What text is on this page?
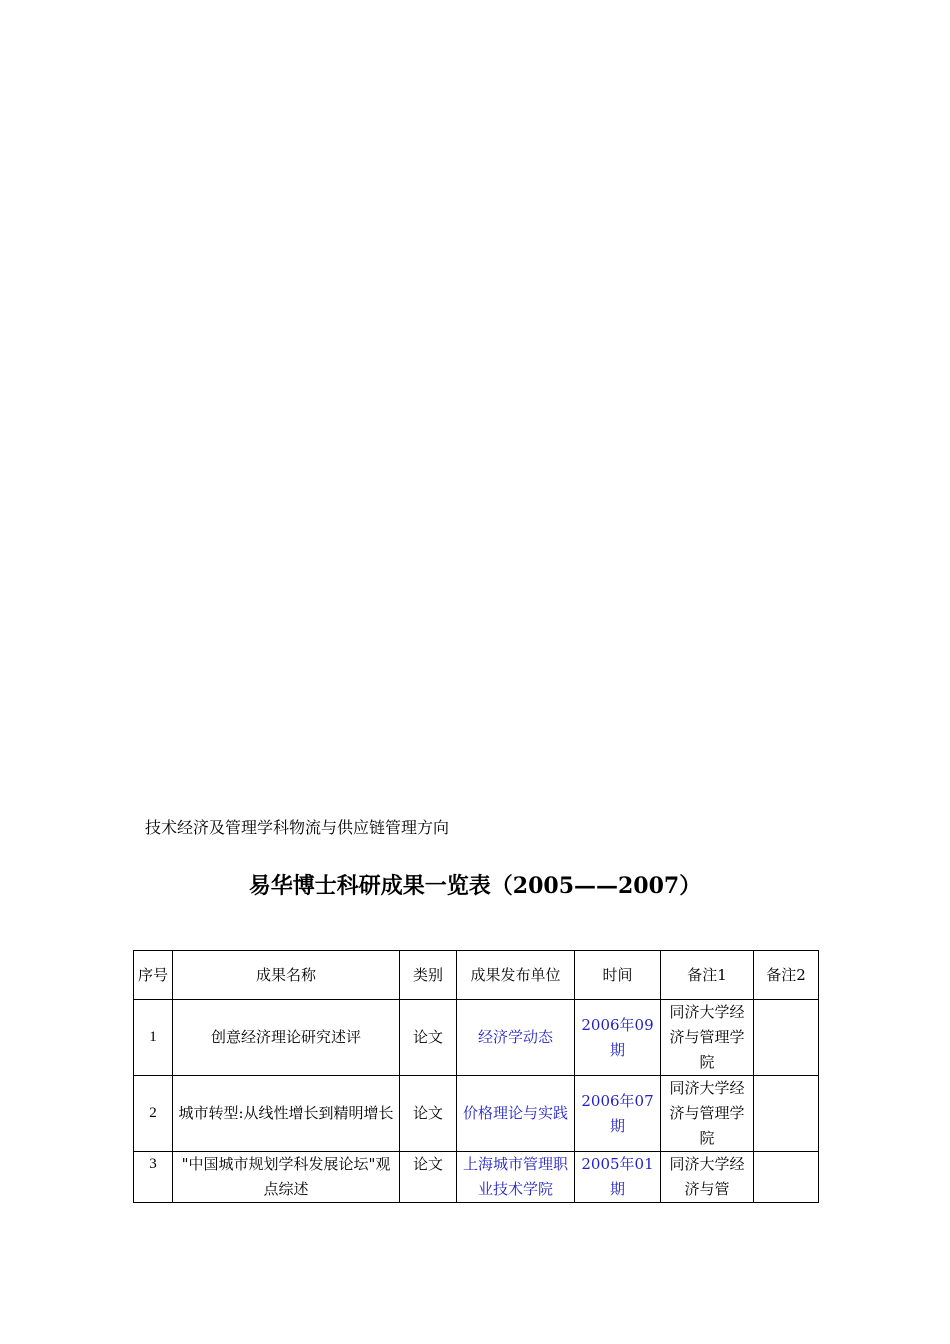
技术经济及管理学科物流与供应链管理方向
易华博士科研成果一览表（2005——2007）
序号	成果名称	类别	成果发布单位	时间	备注1	备注2
1	创意经济理论研究述评	论文	经济学动态	2006年09期	同济大学经济与管理学院	
2	城市转型:从线性增长到精明增长	论文	价格理论与实践	2006年07期	同济大学经济与管理学院	
3	"中国城市规划学科发展论坛"观点综述	论文	上海城市管理职业技术学院	2005年01期	同济大学经济与管	
